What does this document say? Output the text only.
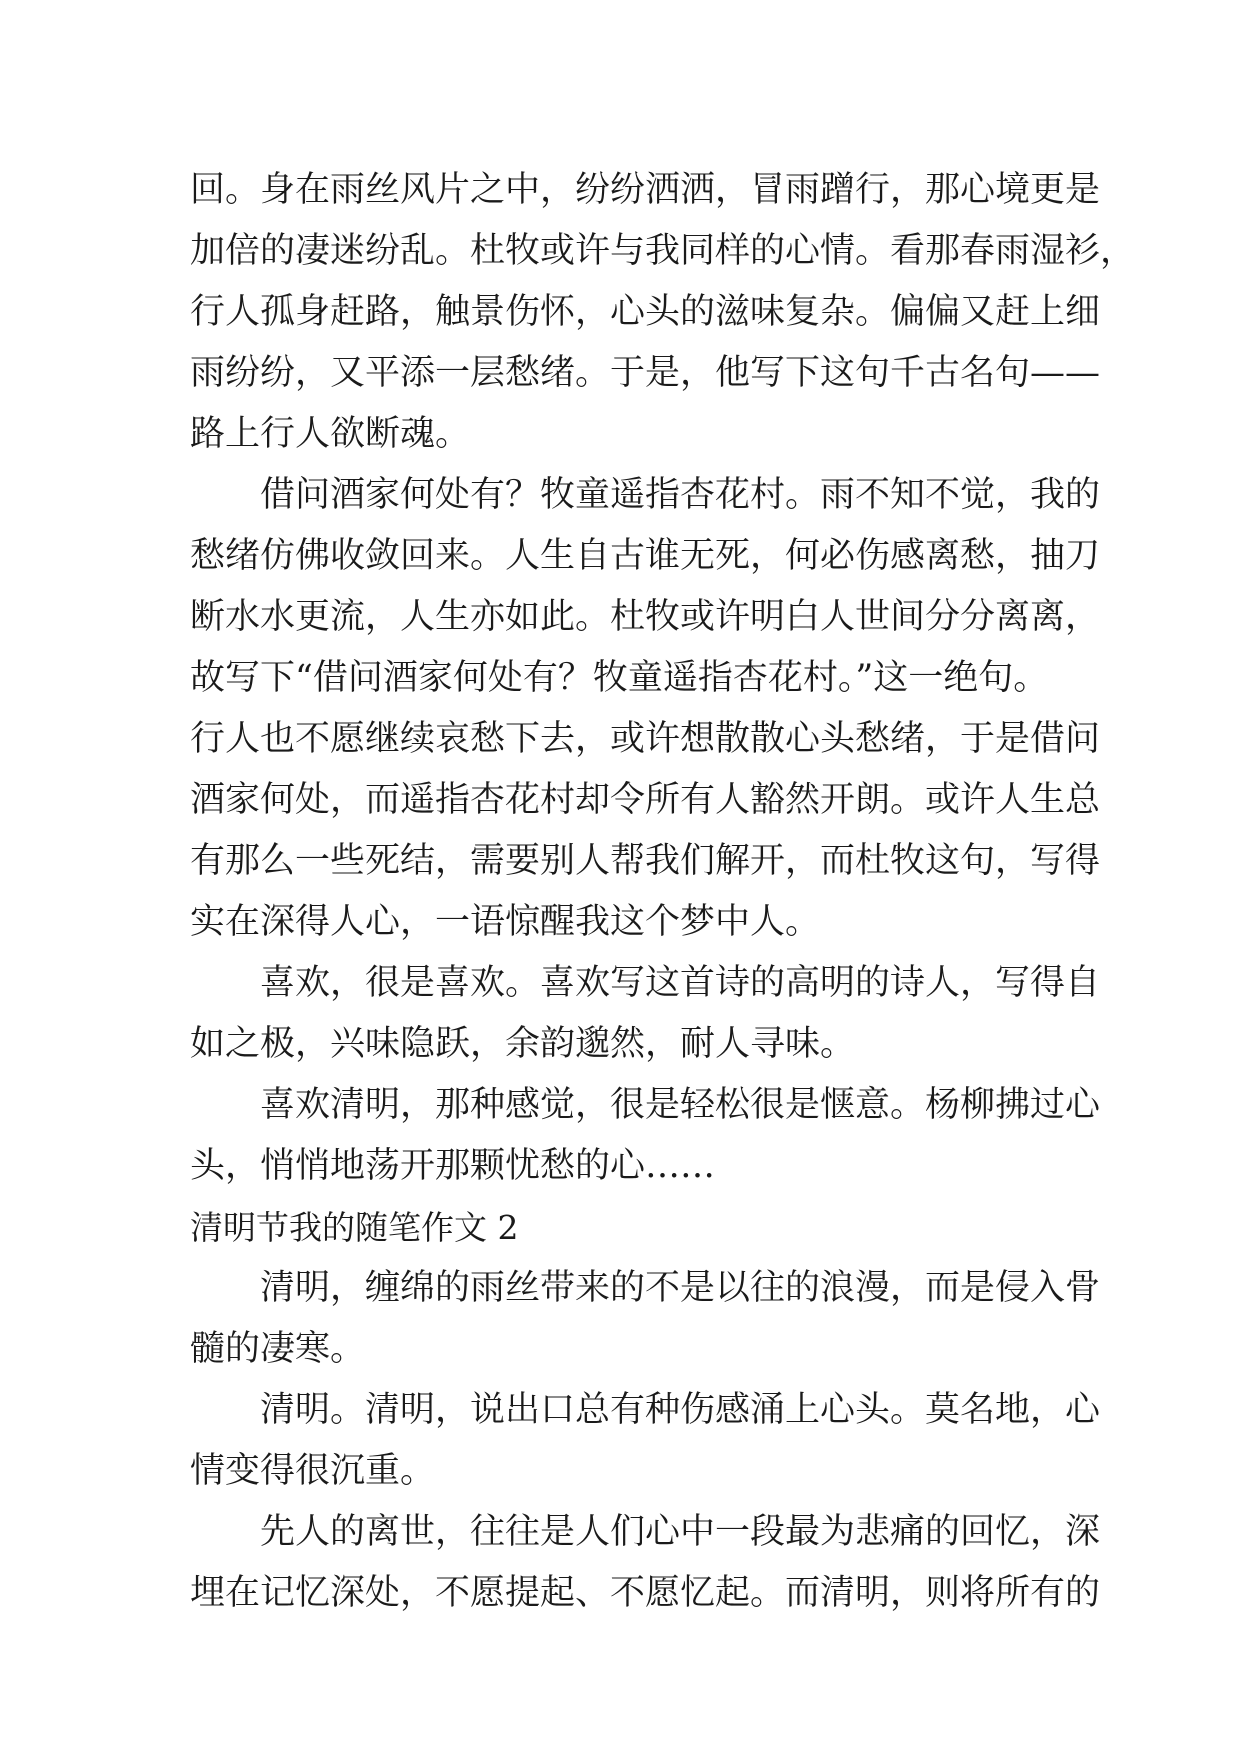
回。身在雨丝风片之中，纷纷洒洒，冒雨蹭行，那心境更是
加倍的凄迷纷乱。杜牧或许与我同样的心情。看那春雨湿衫，
行人孤身赶路，触景伤怀，心头的滋味复杂。偏偏又赶上细
雨纷纷，又平添一层愁绪。于是，他写下这句千古名句——
路上行人欲断魂。
借问酒家何处有？牧童遥指杏花村。雨不知不觉，我的
愁绪仿佛收敛回来。人生自古谁无死，何必伤感离愁，抽刀
断水水更流，人生亦如此。杜牧或许明白人世间分分离离，
故写下“借问酒家何处有？牧童遥指杏花村。”这一绝句。
行人也不愿继续哀愁下去，或许想散散心头愁绪，于是借问
酒家何处，而遥指杏花村却令所有人豁然开朗。或许人生总
有那么一些死结，需要别人帮我们解开，而杜牧这句，写得
实在深得人心，一语惊醒我这个梦中人。
喜欢，很是喜欢。喜欢写这首诗的高明的诗人，写得自
如之极，兴味隐跃，余韵邈然，耐人寻味。
喜欢清明，那种感觉，很是轻松很是惬意。杨柳拂过心
头，悄悄地荡开那颗忧愁的心……
清明节我的随笔作文 2
清明，缠绵的雨丝带来的不是以往的浪漫，而是侵入骨
髓的凄寒。
清明。清明，说出口总有种伤感涌上心头。莫名地，心
情变得很沉重。
先人的离世，往往是人们心中一段最为悲痛的回忆，深
埋在记忆深处，不愿提起、不愿忆起。而清明，则将所有的
